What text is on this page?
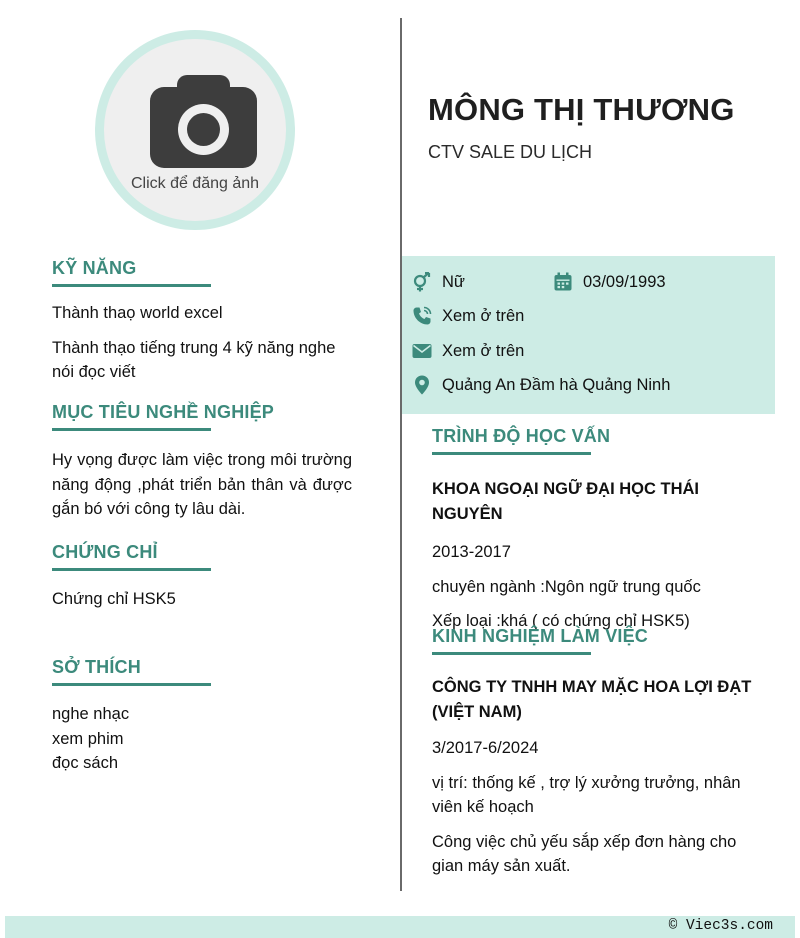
Click để đăng ảnh
KỸ NĂNG
Thành thaọ world excel
Thành thạo tiếng trung 4 kỹ năng nghe nói đọc viết
MỤC TIÊU NGHỀ NGHIỆP
Hy vọng được làm việc trong môi trường năng động ,phát triển bản thân và được gắn bó với công ty lâu dài.
CHỨNG CHỈ
Chứng chỉ HSK5
SỞ THÍCH
nghe nhạc
xem phim
đọc sách
MÔNG THỊ THƯƠNG
CTV SALE DU LỊCH
Nữ	03/09/1993
Xem ở trên
Xem ở trên
Quảng An Đầm hà Quảng Ninh
TRÌNH ĐỘ HỌC VẤN
KHOA NGOẠI NGỮ ĐẠI HỌC THÁI NGUYÊN
2013-2017
chuyên ngành :Ngôn ngữ trung quốc
Xếp loại :khá ( có chứng chỉ HSK5)
KINH NGHIỆM LÀM VIỆC
CÔNG TY TNHH MAY MẶC HOA LỢI ĐẠT (VIỆT NAM)
3/2017-6/2024
vị trí: thống kế , trợ lý xưởng trưởng, nhân viên kế hoạch
Công việc chủ yếu sắp xếp đơn hàng cho gian máy sản xuất.
© Viec3s.com
